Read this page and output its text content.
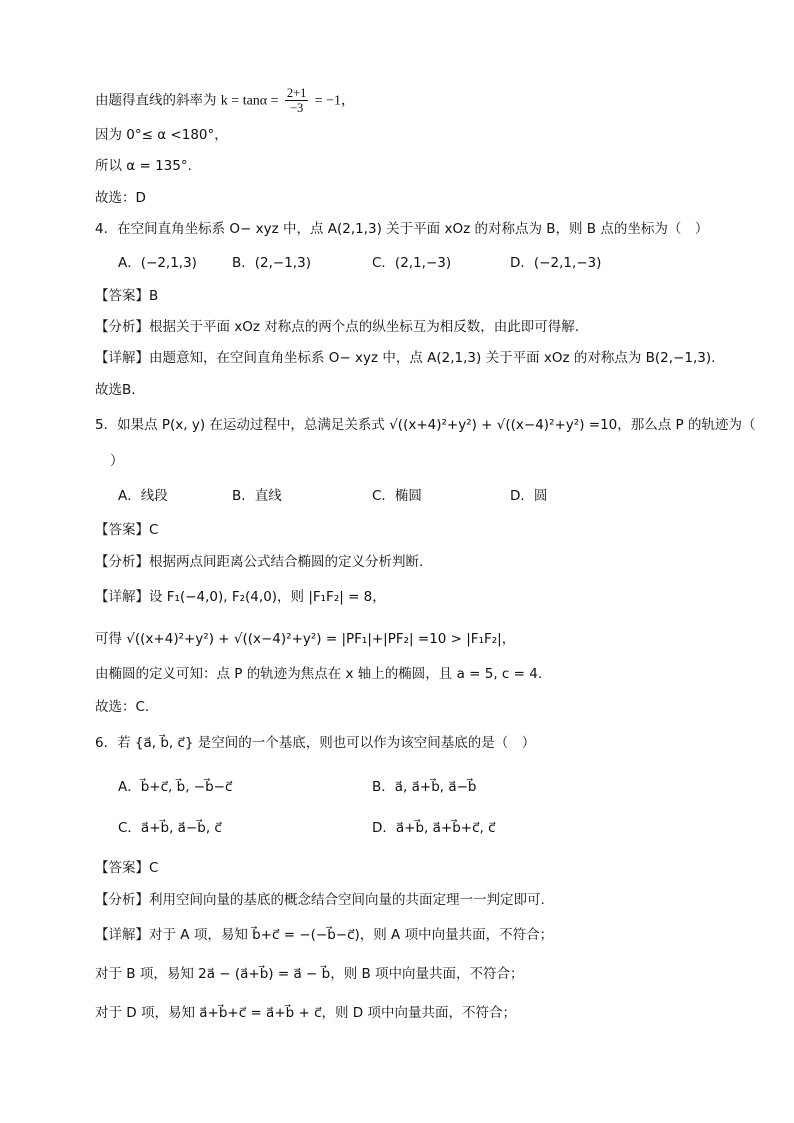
由题得直线的斜率为 $k = \tan\alpha = \frac{2+1}{-3} = -1$，
因为 0°≤ α <180°，
所以 α = 135°.
故选：D
4．在空间直角坐标系 O− xyz 中，点 A(2,1,3) 关于平面 xOz 的对称点为 B，则 B 点的坐标为（　）
A．(−2,1,3)	B．(2,−1,3)	C．(2,1,−3)	D．(−2,1,−3)
【答案】B
【分析】根据关于平面 xOz 对称点的两个点的纵坐标互为相反数，由此即可得解.
【详解】由题意知，在空间直角坐标系 O− xyz 中，点 A(2,1,3) 关于平面 xOz 的对称点为 B(2,−1,3).
故选B.
5．如果点 P(x, y) 在运动过程中，总满足关系式 √((x+4)²+y²) + √((x−4)²+y²) =10，那么点 P 的轨迹为（
）
A．线段	B．直线	C．椭圆	D．圆
【答案】C
【分析】根据两点间距离公式结合椭圆的定义分析判断.
【详解】设 F₁(−4,0), F₂(4,0)，则 |F₁F₂| = 8，
可得 √((x+4)²+y²) + √((x−4)²+y²) = |PF₁|+|PF₂| =10 > |F₁F₂|，
由椭圆的定义可知：点 P 的轨迹为焦点在 x 轴上的椭圆，且 a = 5, c = 4.
故选：C.
6．若 {a⃗, b⃗, c⃗} 是空间的一个基底，则也可以作为该空间基底的是（　）
A．b⃗+c⃗, b⃗, −b⃗−c⃗	B．a⃗, a⃗+b⃗, a⃗−b⃗
C．a⃗+b⃗, a⃗−b⃗, c⃗	D．a⃗+b⃗, a⃗+b⃗+c⃗, c⃗
【答案】C
【分析】利用空间向量的基底的概念结合空间向量的共面定理一一判定即可.
【详解】对于 A 项，易知 b⃗+c⃗ = −(−b⃗−c⃗)，则 A 项中向量共面，不符合；
对于 B 项，易知 2a⃗ − (a⃗+b⃗) = a⃗ − b⃗，则 B 项中向量共面，不符合；
对于 D 项，易知 a⃗+b⃗+c⃗ = a⃗+b⃗ + c⃗，则 D 项中向量共面，不符合；
